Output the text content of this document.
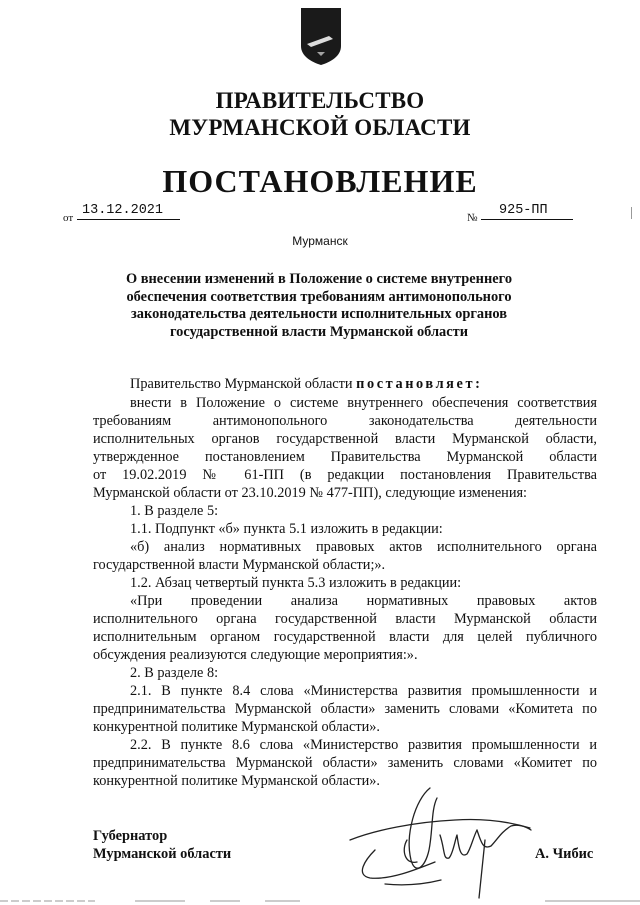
ПРАВИТЕЛЬСТВО
МУРМАНСКОЙ ОБЛАСТИ
ПОСТАНОВЛЕНИЕ
от 13.12.2021	№	925-ПП
Мурманск
О внесении изменений в Положение о системе внутреннего обеспечения соответствия требованиям антимонопольного законодательства деятельности исполнительных органов государственной власти Мурманской области
Правительство Мурманской области постановляет:
внести в Положение о системе внутреннего обеспечения соответствия
требованиям антимонопольного законодательства деятельности
исполнительных органов государственной власти Мурманской области,
утвержденное постановлением Правительства Мурманской области
от 19.02.2019 № 61-ПП (в редакции постановления Правительства
Мурманской области от 23.10.2019 № 477-ПП), следующие изменения:
1. В разделе 5:
1.1. Подпункт «б» пункта 5.1 изложить в редакции:
«б) анализ нормативных правовых актов исполнительного органа
государственной власти Мурманской области;».
1.2. Абзац четвертый пункта 5.3 изложить в редакции:
«При проведении анализа нормативных правовых актов
исполнительного органа государственной власти Мурманской области
исполнительным органом государственной власти для целей публичного
обсуждения реализуются следующие мероприятия:».
2. В разделе 8:
2.1. В пункте 8.4 слова «Министерства развития промышленности и
предпринимательства Мурманской области» заменить словами «Комитета по
конкурентной политике Мурманской области».
2.2. В пункте 8.6 слова «Министерство развития промышленности и
предпринимательства Мурманской области» заменить словами «Комитет по
конкурентной политике Мурманской области».
Губернатор
Мурманской области	А. Чибис
